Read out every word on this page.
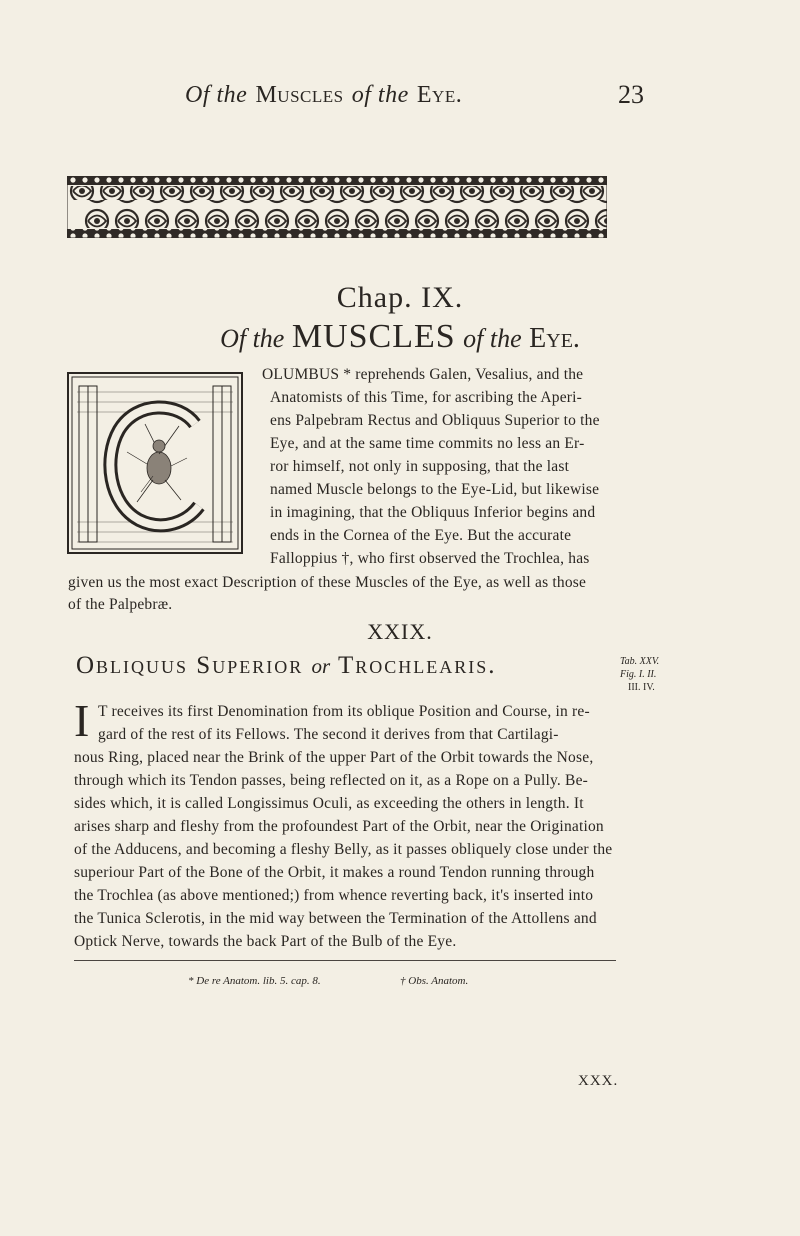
Of the Muscles of the Eye.	23
Chap. IX.
Of the MUSCLES of the Eye.
OLUMBUS * reprehends Galen, Vesalius, and the
Anatomists of this Time, for ascribing the Aperi-
ens Palpebram Rectus and Obliquus Superior to the
Eye, and at the same time commits no less an Er-
ror himself, not only in supposing, that the last
named Muscle belongs to the Eye-Lid, but likewise
in imagining, that the Obliquus Inferior begins and
ends in the Cornea of the Eye. But the accurate
Falloppius †, who first observed the Trochlea, has
given us the most exact Description of these Muscles of the Eye, as well as those
of the Palpebræ.
XXIX.
Obliquus Superior or Trochlearis.	Tab. XXV.
Fig. I. II.
III. IV.
I T receives its first Denomination from its oblique Position and Course, in re-
gard of the rest of its Fellows. The second it derives from that Cartilagi-
nous Ring, placed near the Brink of the upper Part of the Orbit towards the Nose,
through which its Tendon passes, being reflected on it, as a Rope on a Pully. Be-
sides which, it is called Longissimus Oculi, as exceeding the others in length. It
arises sharp and fleshy from the profoundest Part of the Orbit, near the Origination
of the Adducens, and becoming a fleshy Belly, as it passes obliquely close under the
superiour Part of the Bone of the Orbit, it makes a round Tendon running through
the Trochlea (as above mentioned;) from whence reverting back, it's inserted into
the Tunica Sclerotis, in the mid way between the Termination of the Attollens and
Optick Nerve, towards the back Part of the Bulb of the Eye.
* De re Anatom. lib. 5. cap. 8.	† Obs. Anatom.
XXX.
